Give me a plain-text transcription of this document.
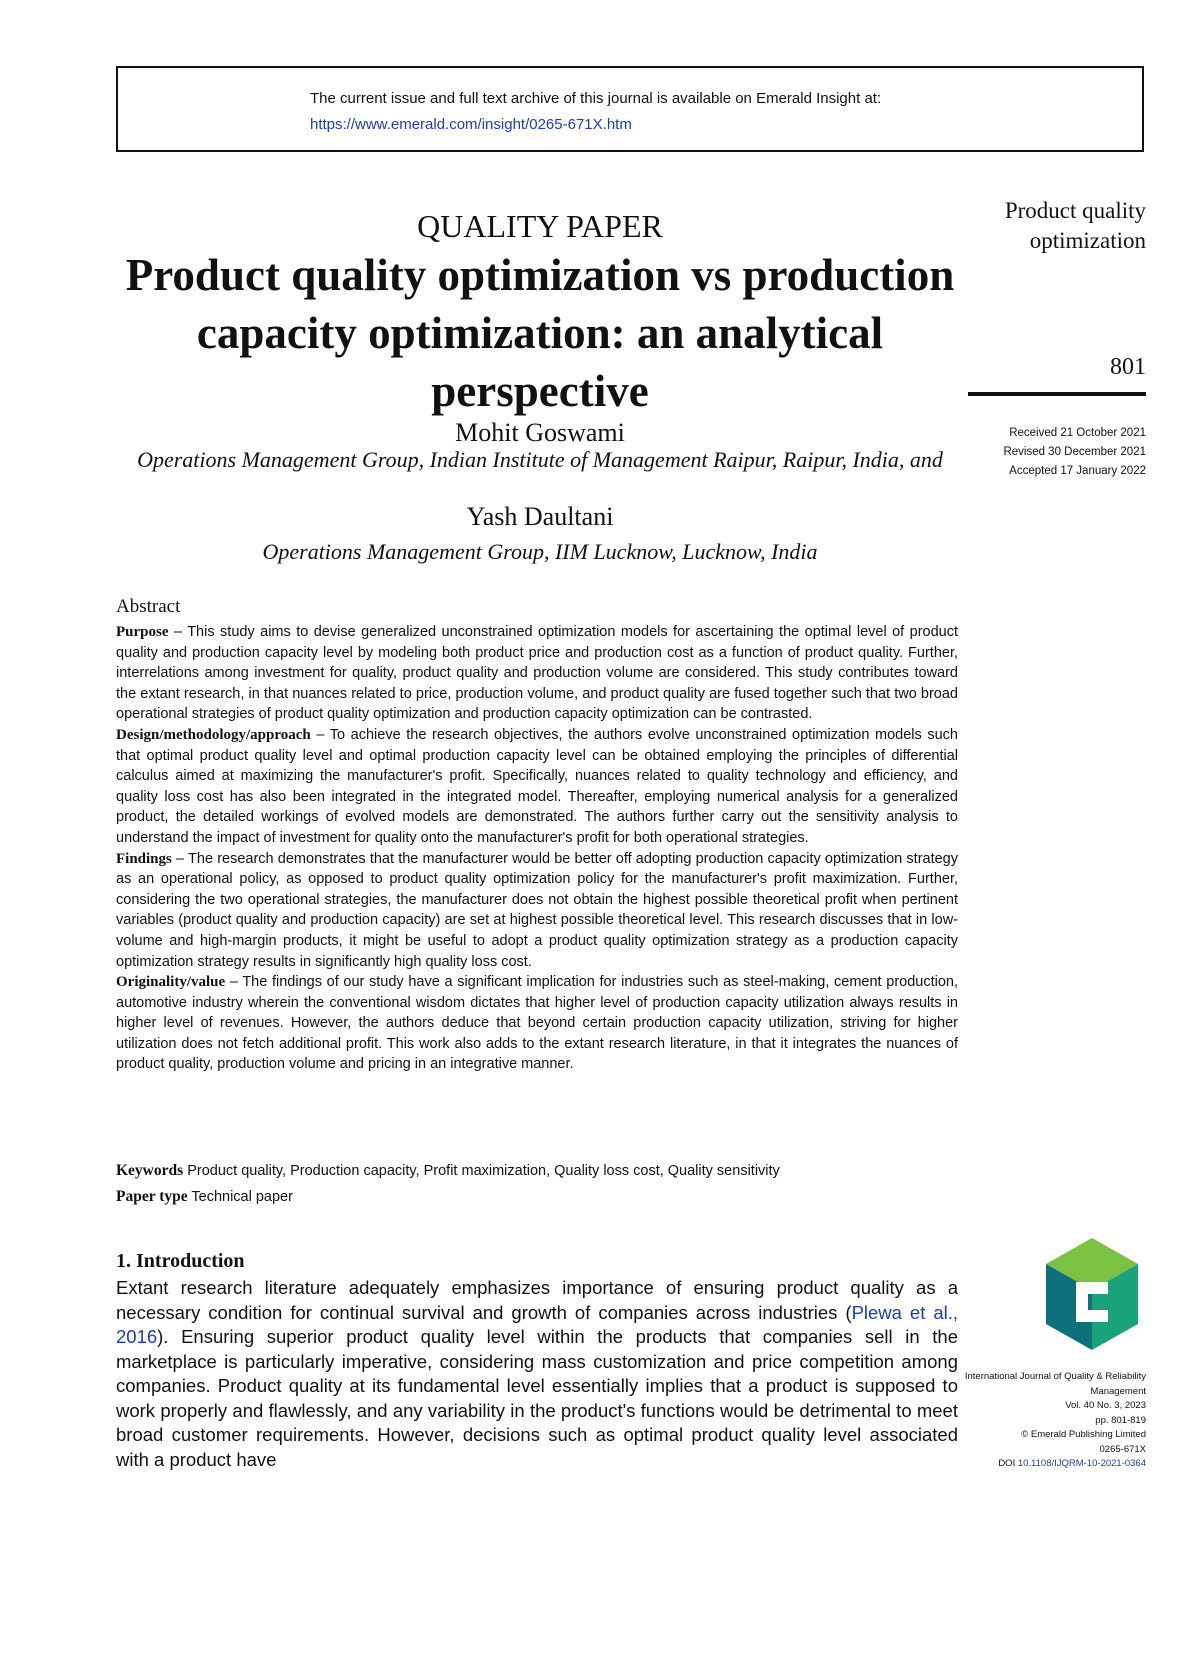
The current issue and full text archive of this journal is available on Emerald Insight at:
https://www.emerald.com/insight/0265-671X.htm
QUALITY PAPER
Product quality optimization vs production capacity optimization: an analytical perspective
Mohit Goswami
Operations Management Group, Indian Institute of Management Raipur, Raipur, India, and
Yash Daultani
Operations Management Group, IIM Lucknow, Lucknow, India
Product quality optimization
801
Received 21 October 2021
Revised 30 December 2021
Accepted 17 January 2022
Abstract

Purpose – This study aims to devise generalized unconstrained optimization models for ascertaining the optimal level of product quality and production capacity level by modeling both product price and production cost as a function of product quality. Further, interrelations among investment for quality, product quality and production volume are considered. This study contributes toward the extant research, in that nuances related to price, production volume, and product quality are fused together such that two broad operational strategies of product quality optimization and production capacity optimization can be contrasted.

Design/methodology/approach – To achieve the research objectives, the authors evolve unconstrained optimization models such that optimal product quality level and optimal production capacity level can be obtained employing the principles of differential calculus aimed at maximizing the manufacturer's profit. Specifically, nuances related to quality technology and efficiency, and quality loss cost has also been integrated in the integrated model. Thereafter, employing numerical analysis for a generalized product, the detailed workings of evolved models are demonstrated. The authors further carry out the sensitivity analysis to understand the impact of investment for quality onto the manufacturer's profit for both operational strategies.

Findings – The research demonstrates that the manufacturer would be better off adopting production capacity optimization strategy as an operational policy, as opposed to product quality optimization policy for the manufacturer's profit maximization. Further, considering the two operational strategies, the manufacturer does not obtain the highest possible theoretical profit when pertinent variables (product quality and production capacity) are set at highest possible theoretical level. This research discusses that in low-volume and high-margin products, it might be useful to adopt a product quality optimization strategy as a production capacity optimization strategy results in significantly high quality loss cost.

Originality/value – The findings of our study have a significant implication for industries such as steel-making, cement production, automotive industry wherein the conventional wisdom dictates that higher level of production capacity utilization always results in higher level of revenues. However, the authors deduce that beyond certain production capacity utilization, striving for higher utilization does not fetch additional profit. This work also adds to the extant research literature, in that it integrates the nuances of product quality, production volume and pricing in an integrative manner.

Keywords Product quality, Production capacity, Profit maximization, Quality loss cost, Quality sensitivity
Paper type Technical paper
1. Introduction

Extant research literature adequately emphasizes importance of ensuring product quality as a necessary condition for continual survival and growth of companies across industries (Plewa et al., 2016). Ensuring superior product quality level within the products that companies sell in the marketplace is particularly imperative, considering mass customization and price competition among companies. Product quality at its fundamental level essentially implies that a product is supposed to work properly and flawlessly, and any variability in the product's functions would be detrimental to meet broad customer requirements. However, decisions such as optimal product quality level associated with a product have

International Journal of Quality & Reliability Management
Vol. 40 No. 3, 2023
pp. 801-819
© Emerald Publishing Limited
0265-671X
DOI 10.1108/IJQRM-10-2021-0364
